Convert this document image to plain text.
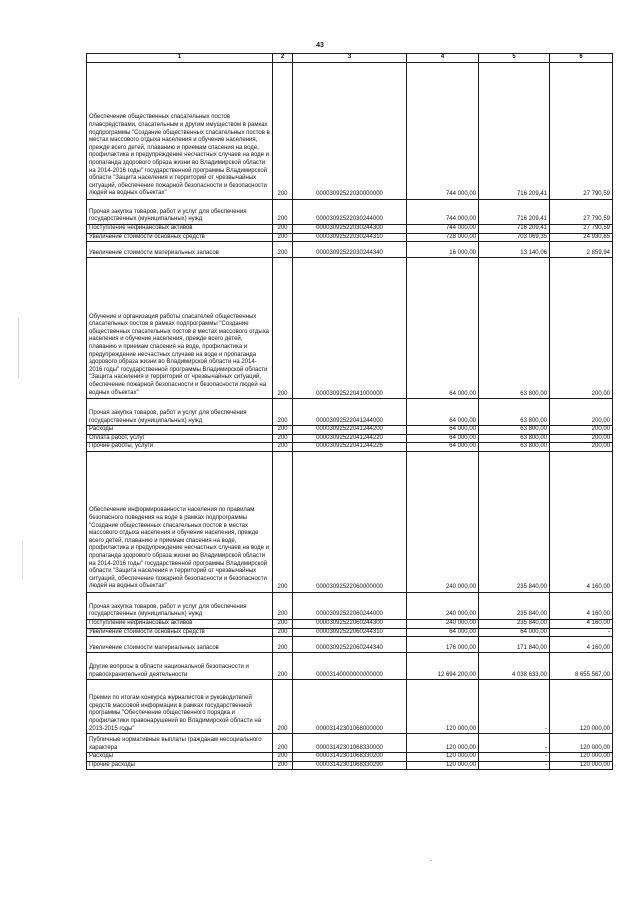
43
1	2	3	4	5	6

Обеспечение общественных спасательных постов плавсредствами, спасательным и другим имуществом в рамках подпрограммы "Создание общественных спасательных постов в местах массового отдыха населения и обучение населения, прежде всего детей, плаванию и приемам спасения на воде, профилактика и предупреждение несчастных случаев на воде и пропаганда здорового образа жизни во Владимирской области на 2014-2016 годы" государственной программы Владимирской области "Защита населения и территорий от чрезвычайных ситуаций, обеспечение пожарной безопасности и безопасности людей на водных объектах"	200	00003092522030000000	744 000,00	716 209,41	27 790,59

Прочая закупка товаров, работ и услуг для обеспечения государственных (муниципальных) нужд	200	00003092522030244000	744 000,00	716 209,41	27 790,59

Поступление нефинансовых активов	200	00003092522030244300	744 000,00	716 209,41	27 790,59

Увеличение стоимости основных средств	200	00003092522030244310	728 000,00	703 069,35	24 930,65

Увеличение стоимости материальных запасов	200	00003092522030244340	16 000,00	13 140,06	2 859,94

Обучение и организация работы спасателей общественных спасательных постов в рамках подпрограммы "Создание общественных спасательных постов в местах массового отдыха населения и обучение населения, прежде всего детей, плаванию и приемам спасения на воде, профилактика и предупреждение несчастных случаев на воде и пропаганда здорового образа жизни во Владимирской области на 2014-2016 годы" государственной программы Владимирской области "Защита населения и территорий от чрезвычайных ситуаций, обеспечение пожарной безопасности и безопасности людей на водных объектах"	200	00003092522041000000	64 000,00	63 800,00	200,00

Прочая закупка товаров, работ и услуг для обеспечения государственных (муниципальных) нужд	200	00003092522041244000	64 000,00	63 800,00	200,00

Расходы	200	00003092522041244200	64 000,00	63 800,00	200,00

Оплата работ, услуг	200	00003092522041244220	64 000,00	63 800,00	200,00

Прочие работы, услуги	200	00003092522041244226	64 000,00	63 800,00	200,00

Обеспечение информированности населения по правилам безопасного поведения на воде в рамках подпрограммы "Создание общественных спасательных постов в местах массового отдыха населения и обучение населения, прежде всего детей, плаванию и приемам спасения на воде, профилактика и предупреждение несчастных случаев на воде и пропаганда здорового образа жизни во Владимирской области на 2014-2016 годы" государственной программы Владимирской области "Защита населения и территорий от чрезвычайных ситуаций, обеспечение пожарной безопасности и безопасности людей на водных объектах"	200	00003092522060000000	240 000,00	235 840,00	4 160,00

Прочая закупка товаров, работ и услуг для обеспечения государственных (муниципальных) нужд	200	00003092522060244000	240 000,00	235 840,00	4 160,00

Поступление нефинансовых активов	200	00003092522060244300	240 000,00	235 840,00	4 160,00

Увеличение стоимости основных средств	200	00003092522060244310	64 000,00	64 000,00	-

Увеличение стоимости материальных запасов	200	00003092522060244340	176 000,00	171 840,00	4 160,00

Другие вопросы в области национальной безопасности и правоохранительной деятельности	200	00003140000000000000	12 694 200,00	4 038 633,00	8 655 567,00

Премии по итогам конкурса журналистов и руководителей средств массовой информации в рамках государственной программы "Обеспечение общественного порядка и профилактики правонарушений во Владимирской области на 2013-2015 годы"	200	00003142301068000000	120 000,00	-	120 000,00

Публичные нормативные выплаты гражданам несоциального характера	200	00003142301068330000	120 000,00	-	120 000,00

Расходы	200	00003142301068330200	120 000,00	-	120 000,00

Прочие расходы	200	00003142301068330290	120 000,00	-	120 000,00
